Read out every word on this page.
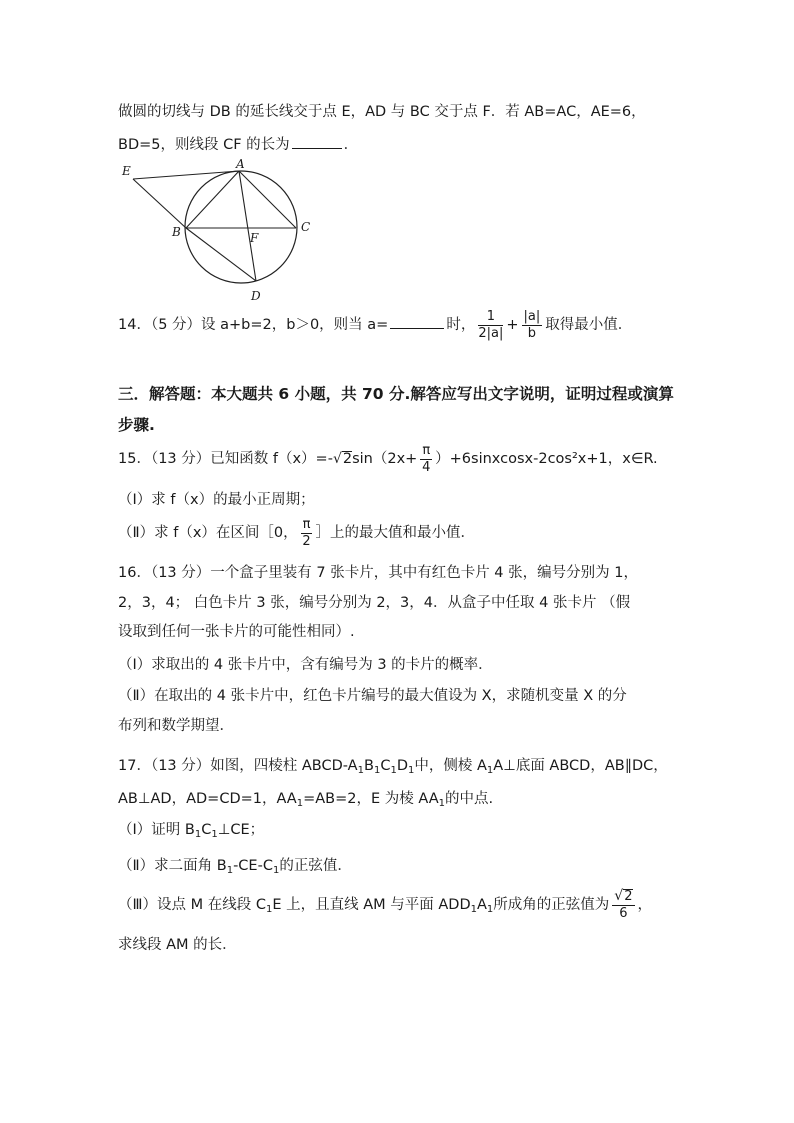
做圆的切线与 DB 的延长线交于点 E，AD 与 BC 交于点 F．若 AB=AC，AE=6，
BD=5，则线段 CF 的长为	．
E	A
B	C
F
D
14．（5 分）设 a+b=2，b＞0，则当 a=	时， $\frac{1}{2|a|} + \frac{|a|}{b}$ 取得最小值．
三．解答题：本大题共 6 小题，共 70 分.解答应写出文字说明，证明过程或演算
步骤.
15．（13 分）已知函数 $f(x)=-√2\sin(2x+ \frac{\pi}{4}$ ）+6sinxcosx-2cos²x+1，x∈R.
（Ⅰ）求 f（x）的最小正周期；
（Ⅱ）求 f（x）在区间［0， $\frac{\pi}{2}$ ］上的最大值和最小值．
16．（13 分）一个盒子里装有 7 张卡片，其中有红色卡片 4 张，编号分别为 1，
2，3，4； 白色卡片 3 张，编号分别为 2，3，4．从盒子中任取 4 张卡片 （假
设取到任何一张卡片的可能性相同）.
（Ⅰ）求取出的 4 张卡片中，含有编号为 3 的卡片的概率．
（Ⅱ）在取出的 4 张卡片中，红色卡片编号的最大值设为 X，求随机变量 X 的分
布列和数学期望．
17．（13 分）如图，四棱柱 ABCD-$A_1B_1C_1D_1$中，侧棱 $A_1A\perp$底面 ABCD，AB∥DC，
AB⊥AD，AD=CD=1，$AA_1=AB=2$，E 为棱 $AA_1$的中点.
（Ⅰ）证明 $B_1C_1\perp CE$；
（Ⅱ）求二面角 $B_1-CE-C_1$的正弦值．
（Ⅲ）设点 M 在线段 $C_1E$ 上，且直线 AM 与平面 $ADD_1A_1$所成角的正弦值为 $\frac{√2}{6}$ ，
求线段 AM 的长．
